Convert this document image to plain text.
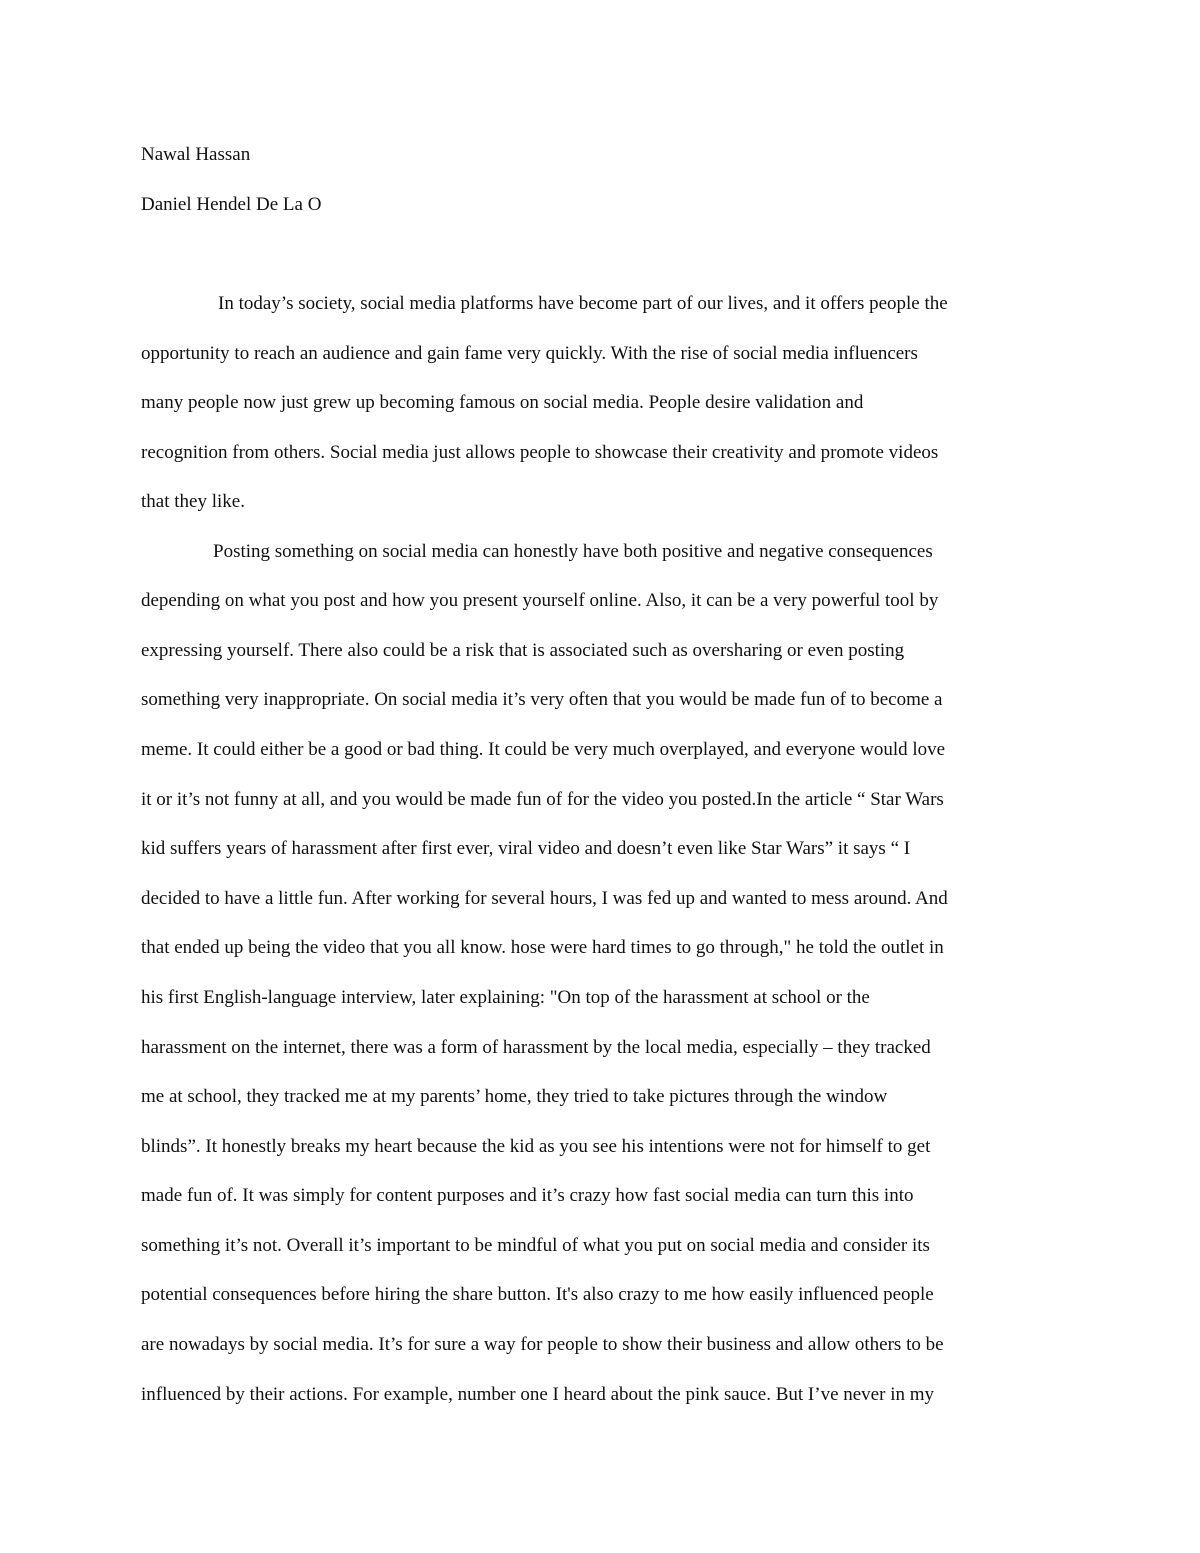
Nawal Hassan
Daniel Hendel De La O
In today’s society, social media platforms have become part of our lives, and it offers people the
opportunity to reach an audience and gain fame very quickly. With the rise of social media influencers
many people now just grew up becoming famous on social media. People desire validation and
recognition from others. Social media just allows people to showcase their creativity and promote videos
that they like.
Posting something on social media can honestly have both positive and negative consequences
depending on what you post and how you present yourself online. Also, it can be a very powerful tool by
expressing yourself. There also could be a risk that is associated such as oversharing or even posting
something very inappropriate. On social media it’s very often that you would be made fun of to become a
meme. It could either be a good or bad thing. It could be very much overplayed, and everyone would love
it or it’s not funny at all, and you would be made fun of for the video you posted.In the article “ Star Wars
kid suffers years of harassment after first ever, viral video and doesn’t even like Star Wars” it says “ I
decided to have a little fun. After working for several hours, I was fed up and wanted to mess around. And
that ended up being the video that you all know. hose were hard times to go through," he told the outlet in
his first English-language interview, later explaining: "On top of the harassment at school or the
harassment on the internet, there was a form of harassment by the local media, especially – they tracked
me at school, they tracked me at my parents’ home, they tried to take pictures through the window
blinds”. It honestly breaks my heart because the kid as you see his intentions were not for himself to get
made fun of. It was simply for content purposes and it’s crazy how fast social media can turn this into
something it’s not. Overall it’s important to be mindful of what you put on social media and consider its
potential consequences before hiring the share button. It's also crazy to me how easily influenced people
are nowadays by social media. It’s for sure a way for people to show their business and allow others to be
influenced by their actions. For example, number one I heard about the pink sauce. But I’ve never in my
